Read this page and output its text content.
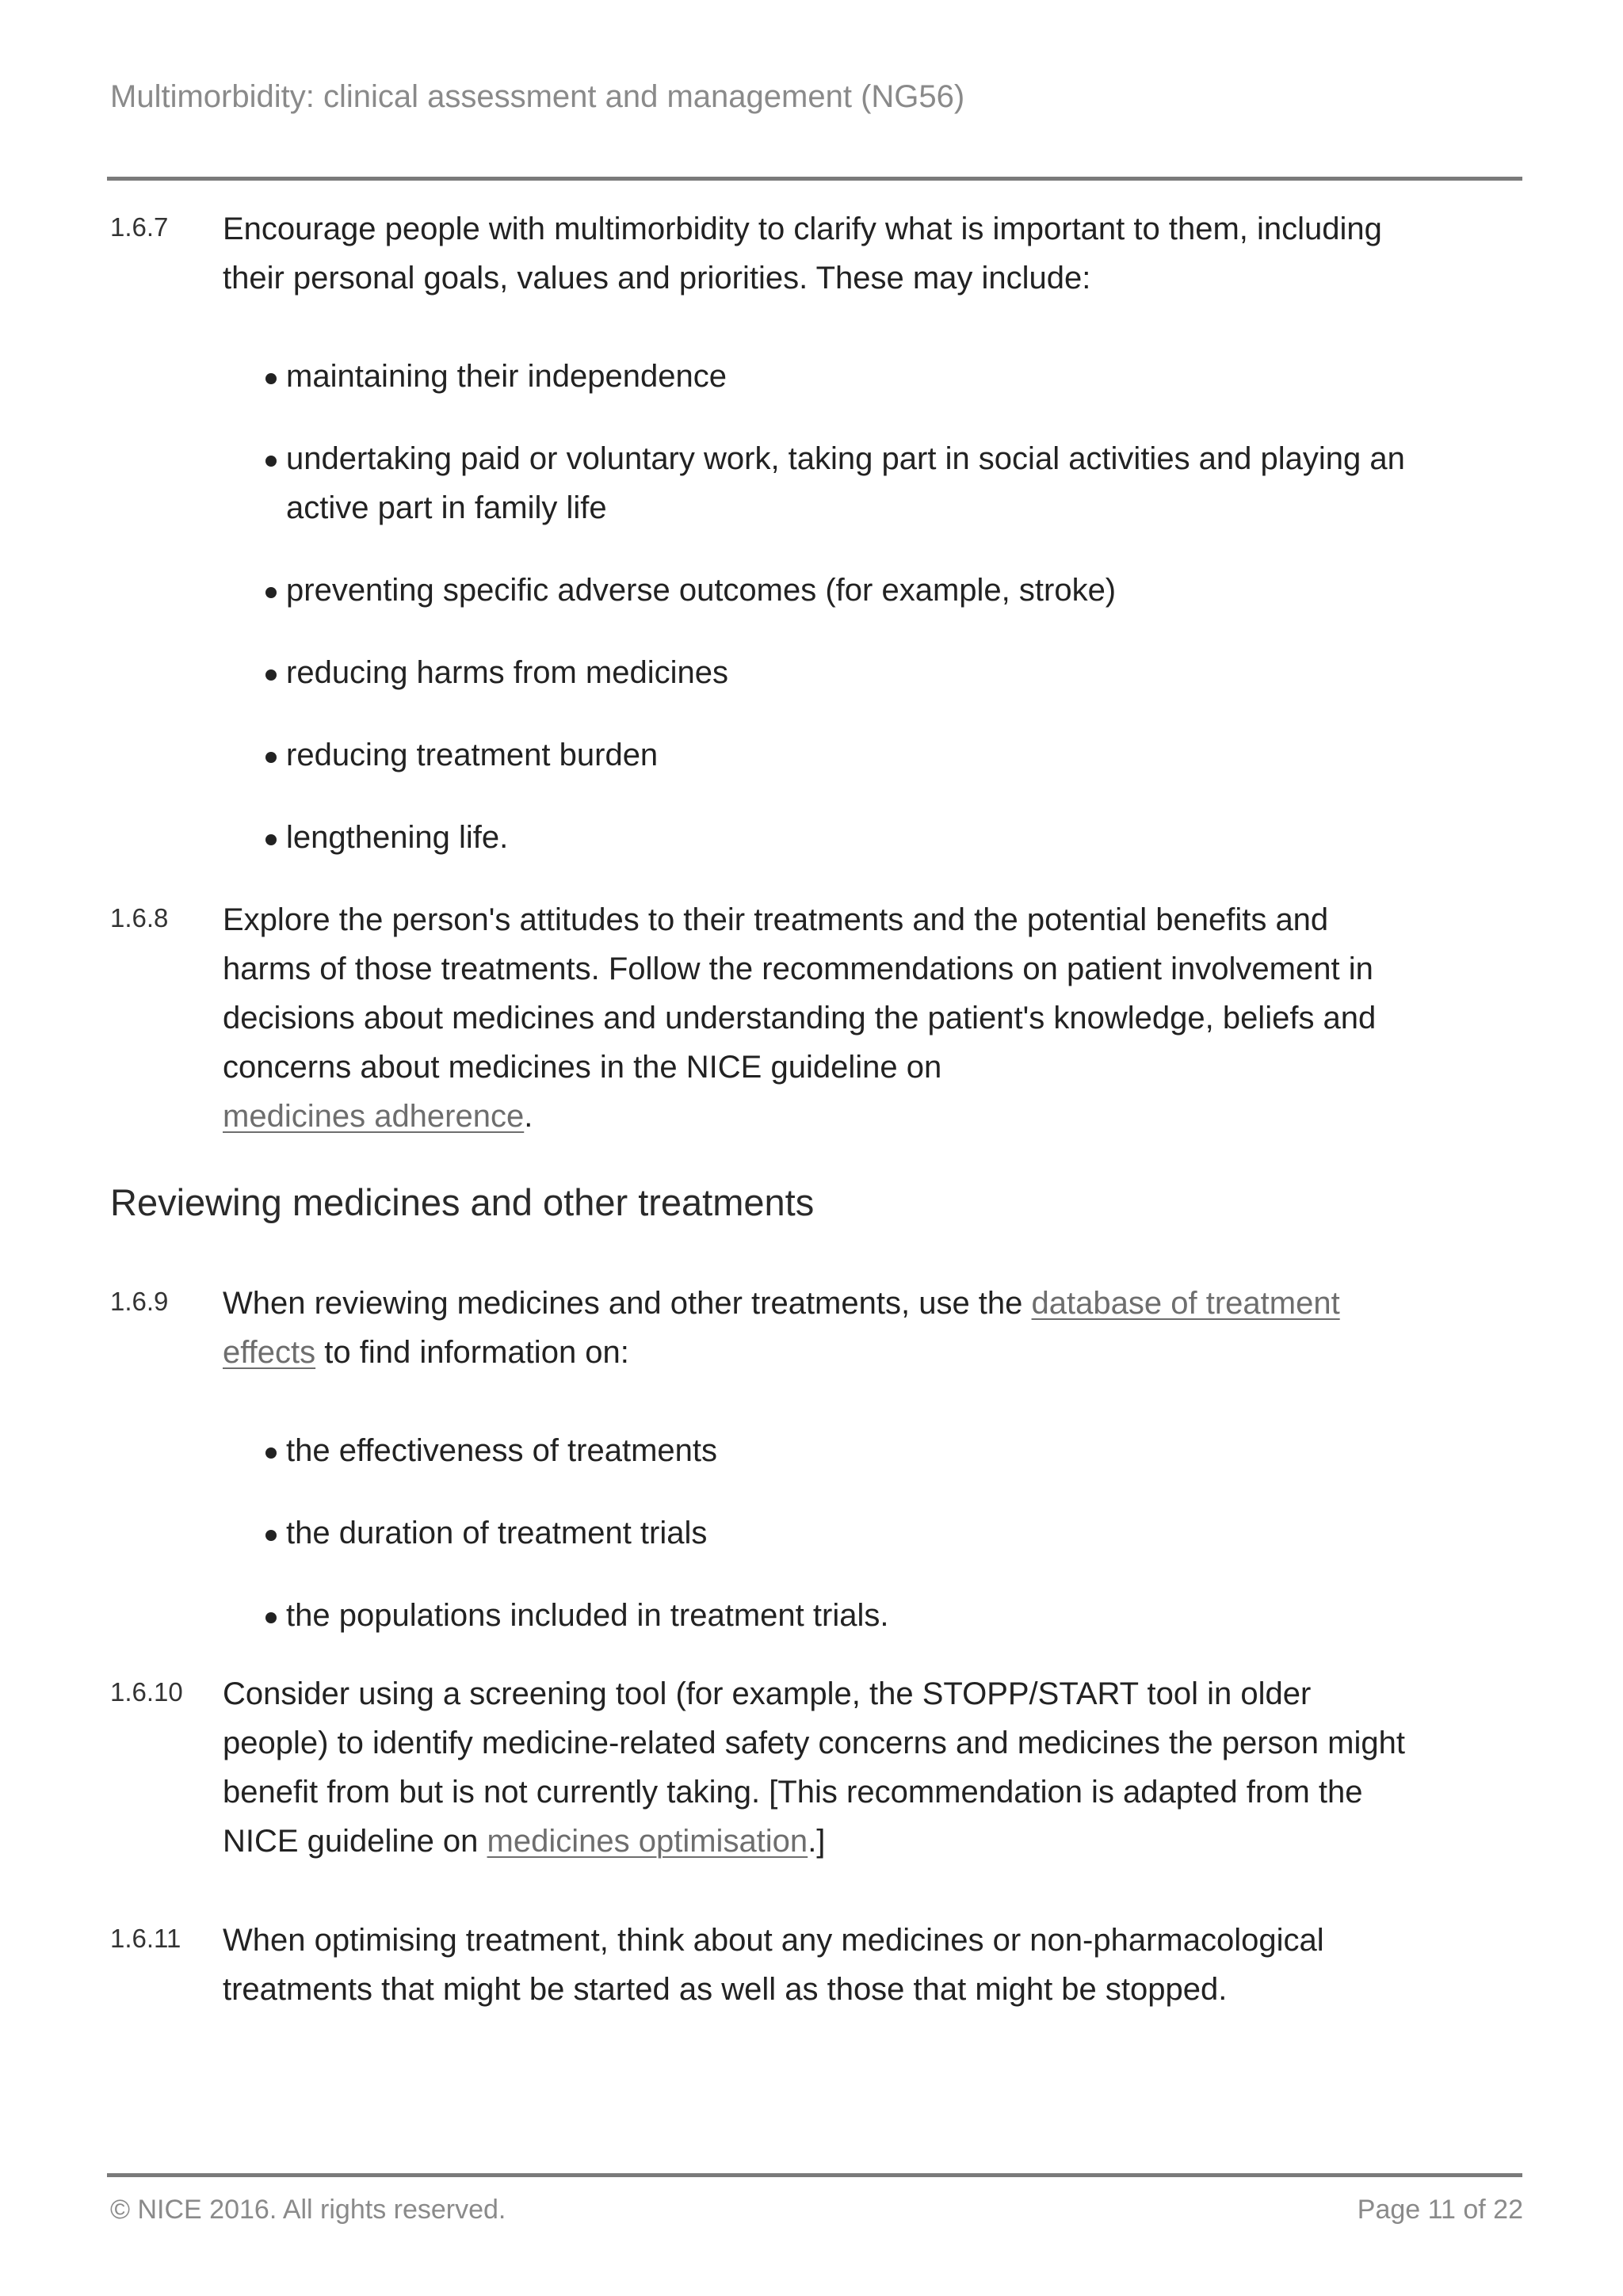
Multimorbidity: clinical assessment and management (NG56)
1.6.7 Encourage people with multimorbidity to clarify what is important to them, including their personal goals, values and priorities. These may include:

maintaining their independence
undertaking paid or voluntary work, taking part in social activities and playing an active part in family life
preventing specific adverse outcomes (for example, stroke)
reducing harms from medicines
reducing treatment burden
lengthening life.
1.6.8 Explore the person's attitudes to their treatments and the potential benefits and harms of those treatments. Follow the recommendations on patient involvement in decisions about medicines and understanding the patient's knowledge, beliefs and concerns about medicines in the NICE guideline on
medicines adherence.

Reviewing medicines and other treatments
1.6.9 When reviewing medicines and other treatments, use the database of treatment effects to find information on:

the effectiveness of treatments
the duration of treatment trials
the populations included in treatment trials.
1.6.10 Consider using a screening tool (for example, the STOPP/START tool in older people) to identify medicine-related safety concerns and medicines the person might benefit from but is not currently taking. [This recommendation is adapted from the NICE guideline on medicines optimisation.]

1.6.11 When optimising treatment, think about any medicines or non-pharmacological treatments that might be started as well as those that might be stopped.

© NICE 2016. All rights reserved.	Page 11 of 22
